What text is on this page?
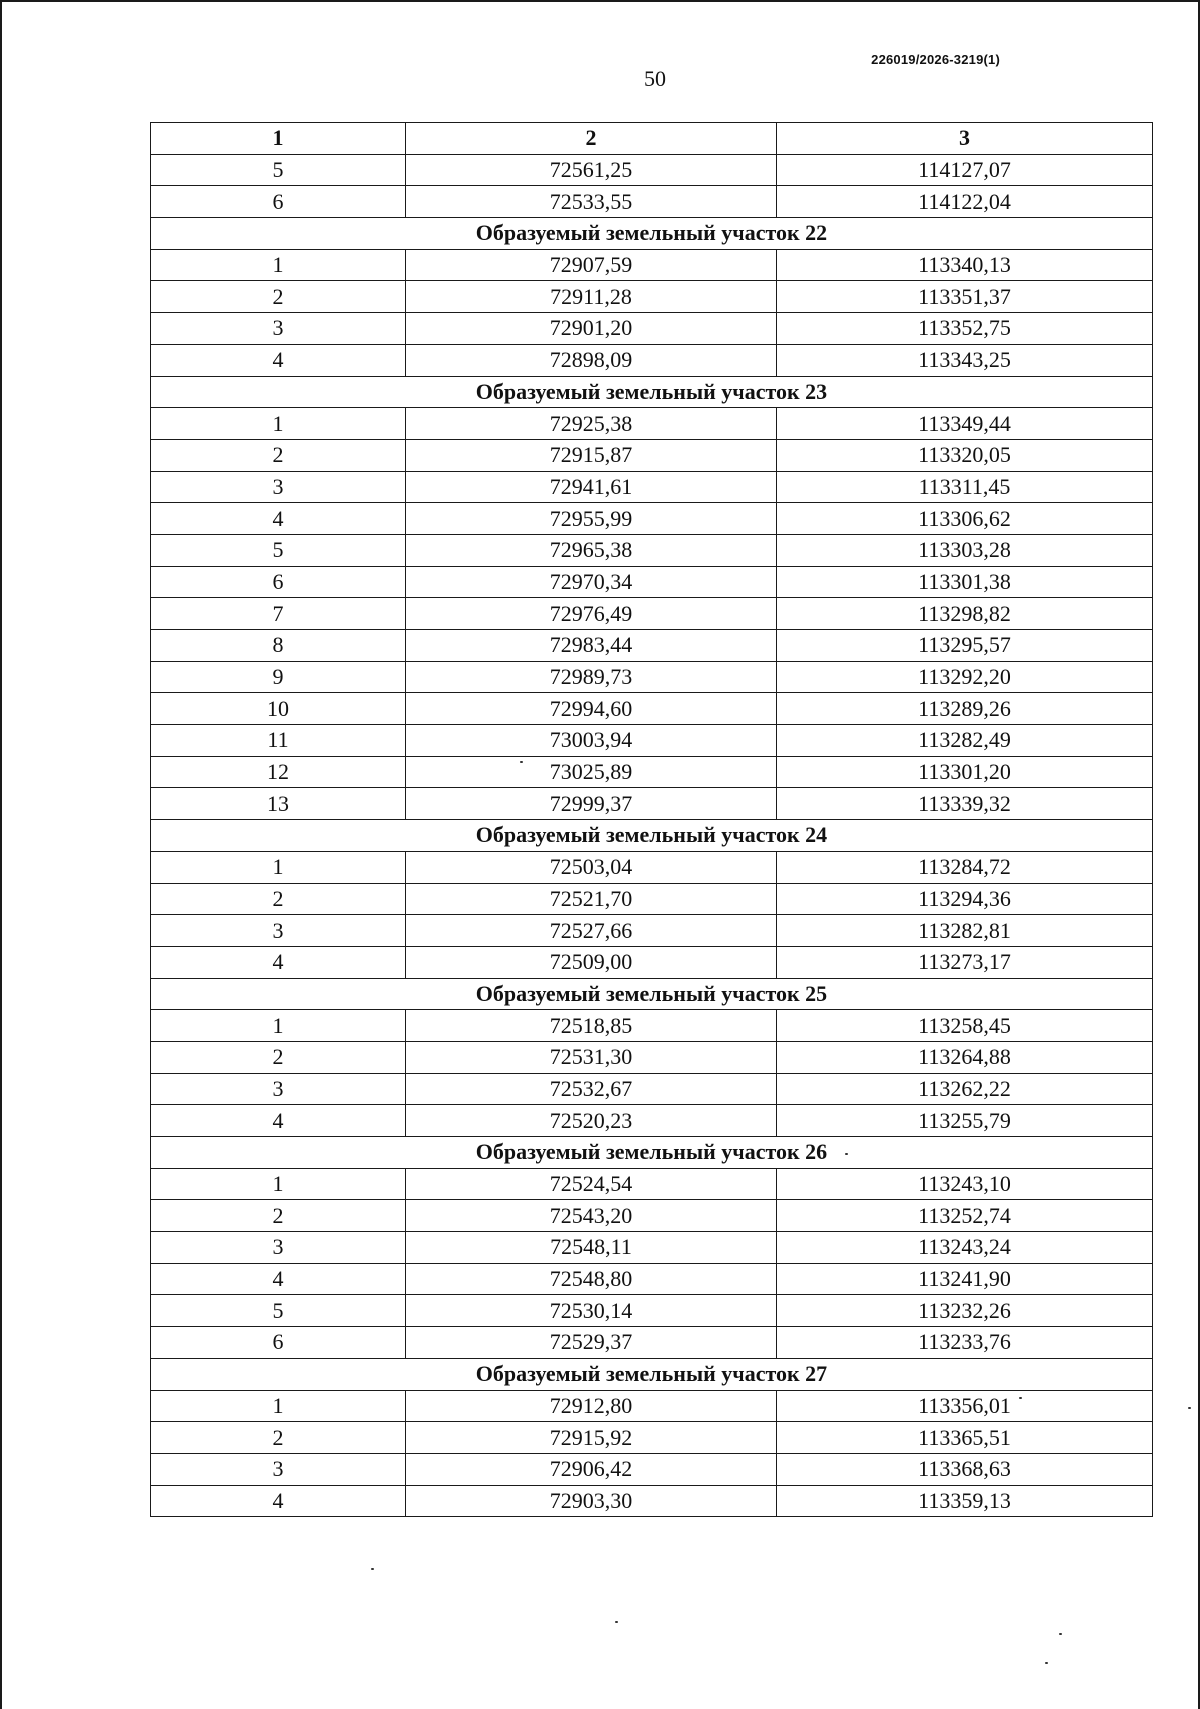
226019/2026-3219(1)
50
1	2	3
5	72561,25	114127,07
6	72533,55	114122,04
Образуемый земельный участок 22		
1	72907,59	113340,13
2	72911,28	113351,37
3	72901,20	113352,75
4	72898,09	113343,25
Образуемый земельный участок 23		
1	72925,38	113349,44
2	72915,87	113320,05
3	72941,61	113311,45
4	72955,99	113306,62
5	72965,38	113303,28
6	72970,34	113301,38
7	72976,49	113298,82
8	72983,44	113295,57
9	72989,73	113292,20
10	72994,60	113289,26
11	73003,94	113282,49
12	73025,89	113301,20
13	72999,37	113339,32
Образуемый земельный участок 24		
1	72503,04	113284,72
2	72521,70	113294,36
3	72527,66	113282,81
4	72509,00	113273,17
Образуемый земельный участок 25		
1	72518,85	113258,45
2	72531,30	113264,88
3	72532,67	113262,22
4	72520,23	113255,79
Образуемый земельный участок 26		
1	72524,54	113243,10
2	72543,20	113252,74
3	72548,11	113243,24
4	72548,80	113241,90
5	72530,14	113232,26
6	72529,37	113233,76
Образуемый земельный участок 27		
1	72912,80	113356,01
2	72915,92	113365,51
3	72906,42	113368,63
4	72903,30	113359,13
